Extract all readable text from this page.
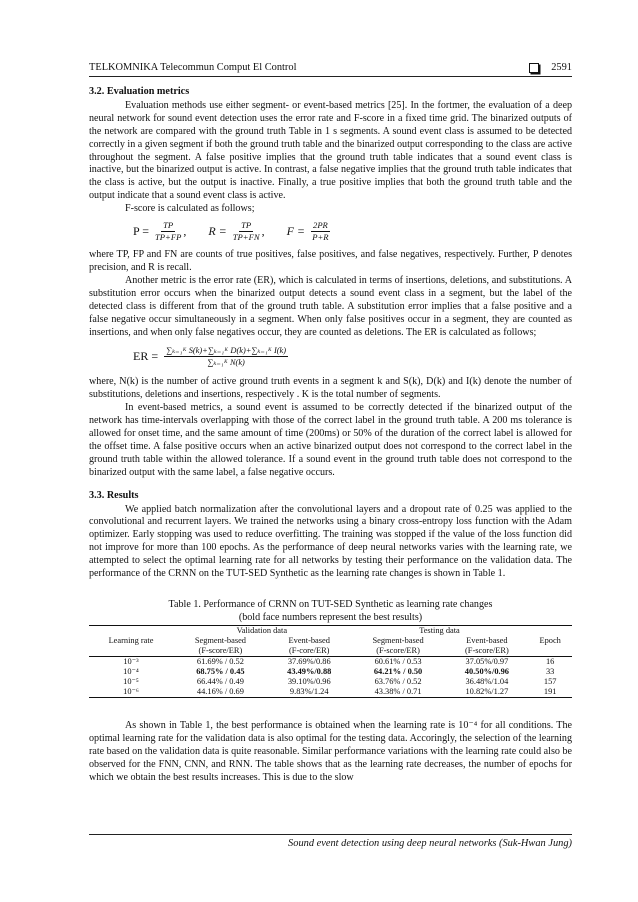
TELKOMNIKA Telecommun Comput El Control	2591
3.2. Evaluation metrics

Evaluation methods use either segment- or event-based metrics [25]. In the fortmer, the evaluation of a deep neural network for sound event detection uses the error rate and F-score in a fixed time grid. The binarized outputs of the network are compared with the ground truth Table in 1 s segments. A sound event class is assumed to be detected correctly in a given segment if both the ground truth table and the binarized output corresponding to the class are active throughout the segment. A false positive implies that the ground truth table indicates that a sound event class is inactive, but the binarized output is active. In contrast, a false negative implies that the ground truth table indicates that the class is active, but the output is inactive. Finally, a true positive implies that both the ground truth table and the output indicate that a sound event class is active.

F-score is calculated as follows;

$P = \frac{TP}{TP+FP}$ , $R = \frac{TP}{TP+FN}$ , $F = \frac{2PR}{P+R}$

where TP, FP and FN are counts of true positives, false positives, and false negatives, respectively. Further, P denotes precision, and R is recall.

Another metric is the error rate (ER), which is calculated in terms of insertions, deletions, and substitutions. A substitution error occurs when the binarized output detects a sound event class in a segment, but the label of the detected class is different from that of the ground truth table. A substitution error implies that a false positive and a false negative occur simultaneously in a segment. When only false positives occur in a segment, they are counted as insertions, and when only false negatives occur, they are counted as deletions. The ER is calculated as follows;

ER = $\frac{\text{∑ₖ₌₁ᴷ S(k)+∑ₖ₌₁ᴷ D(k)+∑ₖ₌₁ᴷ I(k)}}{\text{∑ₖ₌₁ᴷ N(k)}}$

where, N(k) is the number of active ground truth events in a segment k and S(k), D(k) and I(k) denote the number of substitutions, deletions and insertions, respectively . K is the total number of segments.

In event-based metrics, a sound event is assumed to be correctly detected if the binarized output of the network has time-intervals overlapping with those of the correct label in the ground truth table. A 200 ms tolerance is allowed for onset time, and the same amount of time (200ms) or 50% of the duration of the correct label is allowed for the offset time. A false positive occurs when an active binarized output does not correspond to the correct label in the ground truth table within the allowed tolerance. If a sound event in the ground truth table does not correspond to the binarized output with the same label, a false negative occurs.

3.3. Results

We applied batch normalization after the convolutional layers and a dropout rate of 0.25 was applied to the convolutional and recurrent layers. We trained the networks using a binary cross-entropy loss function with the Adam optimizer. Early stopping was used to reduce overfitting. The training was stopped if the value of the loss function did not improve for more than 100 epochs. As the performance of deep neural networks varies with the learning rate, we attempted to select the optimal learning rate for all networks by testing their performance on the validation data. The performance of the CRNN on the TUT-SED Synthetic as the learning rate changes is shown in Table 1.

Table 1. Performance of CRNN on TUT-SED Synthetic as learning rate changes
(bold face numbers represent the best results)
	Validation data		Testing data		
Learning rate	Segment-based	Event-based	Segment-based	Event-based	Epoch
	(F-score/ER)	(F-core/ER)	(F-score/ER)	(F-score/ER)	
10⁻³	61.69% / 0.52	37.69%/0.86	60.61% / 0.53	37.05%/0.97	16
10⁻⁴	68.75% / 0.45	43.49%/0.88	64.21% / 0.50	40.50%/0.96	33
10⁻⁵	66.44% / 0.49	39.10%/0.96	63.76% / 0.52	36.48%/1.04	157
10⁻⁶	44.16% / 0.69	9.83%/1.24	43.38% / 0.71	10.82%/1.27	191

As shown in Table 1, the best performance is obtained when the learning rate is 10⁻⁴ for all conditions. The optimal learning rate for the validation data is also optimal for the testing data. Accoringly, the selection of the learning rate based on the validation data is quite reasonable. Similar performance variations with the learning rate could also be observed for the FNN, CNN, and RNN. The table shows that as the learning rate decreases, the number of epochs for which we obtain the best results increases. This is due to the slow

Sound event detection using deep neural networks (Suk-Hwan Jung)
